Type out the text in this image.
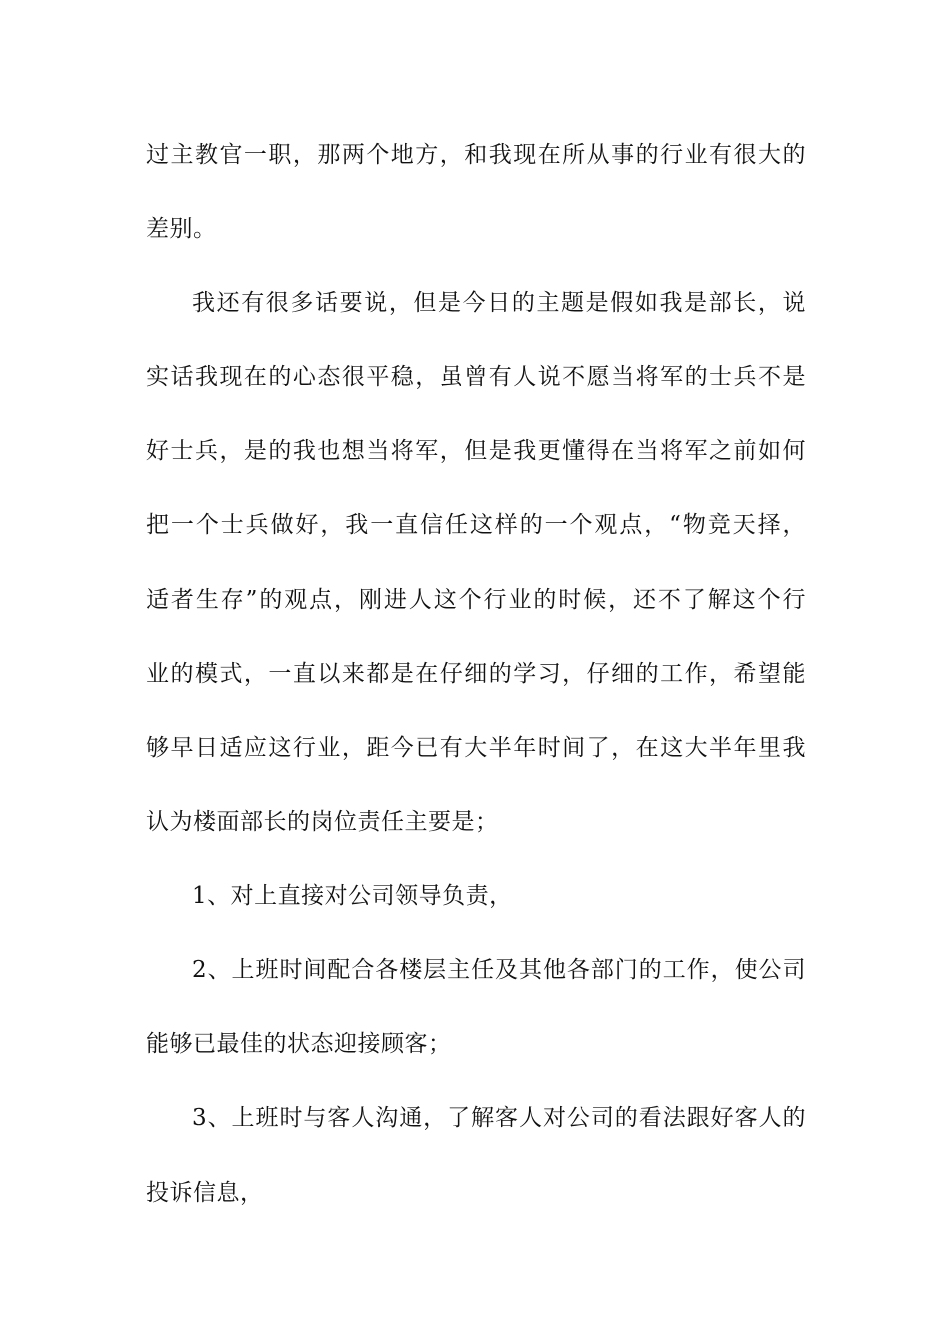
过主教官一职，那两个地方，和我现在所从事的行业有很大的
差别。
我还有很多话要说，但是今日的主题是假如我是部长，说
实话我现在的心态很平稳，虽曾有人说不愿当将军的士兵不是
好士兵，是的我也想当将军，但是我更懂得在当将军之前如何
把一个士兵做好，我一直信任这样的一个观点，“物竞天择，
适者生存”的观点，刚进人这个行业的时候，还不了解这个行
业的模式，一直以来都是在仔细的学习，仔细的工作，希望能
够早日适应这行业，距今已有大半年时间了，在这大半年里我
认为楼面部长的岗位责任主要是；
1、对上直接对公司领导负责，
2、上班时间配合各楼层主任及其他各部门的工作，使公司
能够已最佳的状态迎接顾客；
3、上班时与客人沟通，了解客人对公司的看法跟好客人的
投诉信息，
